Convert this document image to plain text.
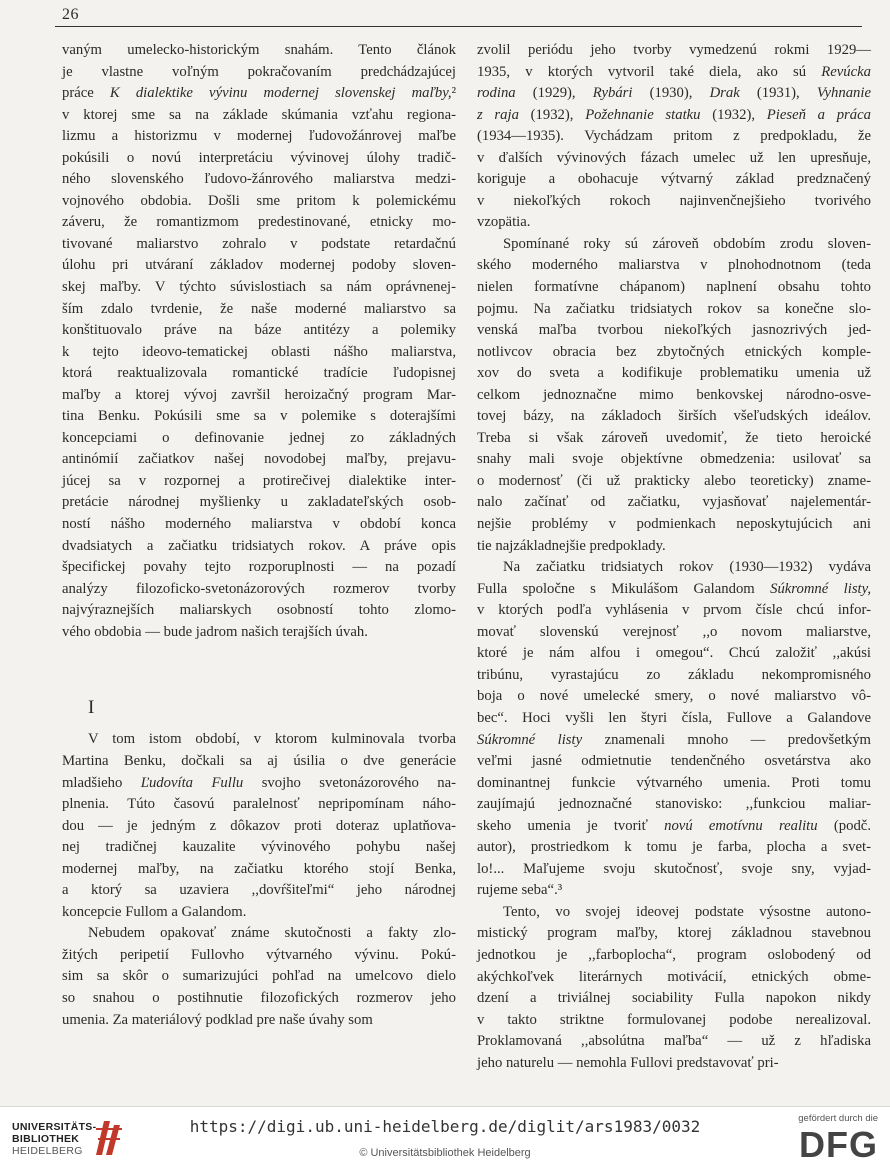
26

vaným umelecko-historickým snahám. Tento článok

je vlastne voľným pokračovaním predchádzajúcej

práce K dialektike vývinu modernej slovenskej maľby,²

v ktorej sme sa na základe skúmania vzťahu regiona-

lizmu a historizmu v modernej ľudovožánrovej maľbe

pokúsili o novú interpretáciu vývinovej úlohy tradič-

ného slovenského ľudovo-žánrového maliarstva medzi-

vojnového obdobia. Došli sme pritom k polemickému

záveru, že romantizmom predestinované, etnicky mo-

tivované maliarstvo zohralo v podstate retardačnú

úlohu pri utváraní základov modernej podoby sloven-

skej maľby. V týchto súvislostiach sa nám oprávnenej-

ším zdalo tvrdenie, že naše moderné maliarstvo sa

konštituovalo práve na báze antitézy a polemiky

k tejto ideovo-tematickej oblasti nášho maliarstva,

ktorá reaktualizovala romantické tradície ľudopisnej

maľby a ktorej vývoj završil heroizačný program Mar-

tina Benku. Pokúsili sme sa v polemike s doterajšími

koncepciami o definovanie jednej zo základných

antinómií začiatkov našej novodobej maľby, prejavu-

júcej sa v rozpornej a protirečivej dialektike inter-

pretácie národnej myšlienky u zakladateľských osob-

ností nášho moderného maliarstva v období konca

dvadsiatych a začiatku tridsiatych rokov. A práve opis

špecifickej povahy tejto rozporuplnosti — na pozadí

analýzy filozoficko-svetonázorových rozmerov tvorby

najvýraznejších maliarskych osobností tohto zlomo-

vého obdobia — bude jadrom našich terajších úvah.

I

V tom istom období, v ktorom kulminovala tvorba

Martina Benku, dočkali sa aj úsilia o dve generácie

mladšieho Ľudovíta Fullu svojho svetonázorového na-

plnenia. Túto časovú paralelnosť nepripomínam náho-

dou — je jedným z dôkazov proti doteraz uplatňova-

nej tradičnej kauzalite vývinového pohybu našej

modernej maľby, na začiatku ktorého stojí Benka,

a ktorý sa uzaviera ,,dovŕšiteľmi“ jeho národnej

koncepcie Fullom a Galandom.

Nebudem opakovať známe skutočnosti a fakty zlo-

žitých peripetií Fullovho výtvarného vývinu. Pokú-

sim sa skôr o sumarizujúci pohľad na umelcovo dielo

so snahou o postihnutie filozofických rozmerov jeho

umenia. Za materiálový podklad pre naše úvahy som

zvolil periódu jeho tvorby vymedzenú rokmi 1929—

1935, v ktorých vytvoril také diela, ako sú Revúcka

rodina (1929), Rybári (1930), Drak (1931), Vyhnanie

z raja (1932), Požehnanie statku (1932), Pieseň a práca

(1934—1935). Vychádzam pritom z predpokladu, že

v ďalších vývinových fázach umelec už len upresňuje,

koriguje a obohacuje výtvarný základ predznačený

v niekoľkých rokoch najinvenčnejšieho tvorivého

vzopätia.

Spomínané roky sú zároveň obdobím zrodu sloven-

ského moderného maliarstva v plnohodnotnom (teda

nielen formatívne chápanom) naplnení obsahu tohto

pojmu. Na začiatku tridsiatych rokov sa konečne slo-

venská maľba tvorbou niekoľkých jasnozrivých jed-

notlivcov obracia bez zbytočných etnických komple-

xov do sveta a kodifikuje problematiku umenia už

celkom jednoznačne mimo benkovskej národno-osve-

tovej bázy, na základoch širších všeľudských ideálov.

Treba si však zároveň uvedomiť, že tieto heroické

snahy mali svoje objektívne obmedzenia: usilovať sa

o modernosť (či už prakticky alebo teoreticky) zname-

nalo začínať od začiatku, vyjasňovať najelementár-

nejšie problémy v podmienkach neposkytujúcich ani

tie najzákladnejšie predpoklady.

Na začiatku tridsiatych rokov (1930—1932) vydáva

Fulla spoločne s Mikulášom Galandom Súkromné listy,

v ktorých podľa vyhlásenia v prvom čísle chcú infor-

movať slovenskú verejnosť ,,o novom maliarstve,

ktoré je nám alfou i omegou“. Chcú založiť ,,akúsi

tribúnu, vyrastajúcu zo základu nekompromisného

boja o nové umelecké smery, o nové maliarstvo vô-

bec“. Hoci vyšli len štyri čísla, Fullove a Galandove

Súkromné listy znamenali mnoho — predovšetkým

veľmi jasné odmietnutie tendenčného osvetárstva ako

dominantnej funkcie výtvarného umenia. Proti tomu

zaujímajú jednoznačné stanovisko: ,,funkciou maliar-

skeho umenia je tvoriť novú emotívnu realitu (podč.

autor), prostriedkom k tomu je farba, plocha a svet-

lo!... Maľujeme svoju skutočnosť, svoje sny, vyjad-

rujeme seba“.³

Tento, vo svojej ideovej podstate výsostne autono-

mistický program maľby, ktorej základnou stavebnou

jednotkou je ,,farboplocha“, program oslobodený od

akýchkoľvek literárnych motivácií, etnických obme-

dzení a triviálnej sociability Fulla napokon nikdy

v takto striktne formulovanej podobe nerealizoval.

Proklamovaná ,,absolútna maľba“ — už z hľadiska

jeho naturelu — nemohla Fullovi predstavovať pri-

UNIVERSITÄTS-
BIBLIOTHEK
HEIDELBERG
https://digi.ub.uni-heidelberg.de/diglit/ars1983/0032
© Universitätsbibliothek Heidelberg
gefördert durch die
DFG
